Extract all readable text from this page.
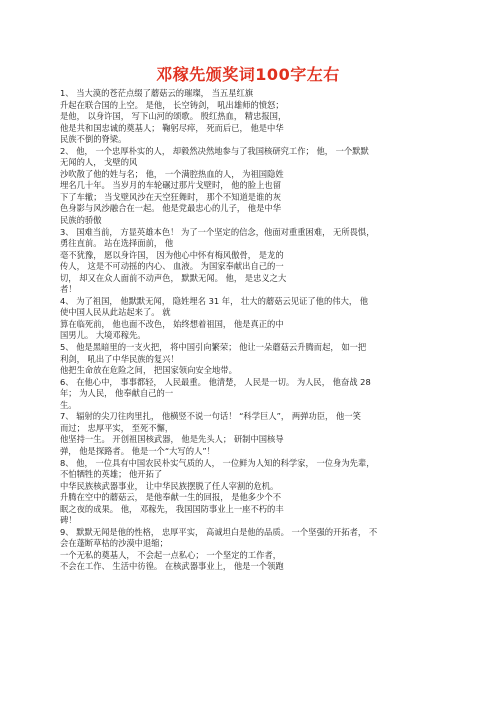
邓稼先颁奖词100字左右

1、 当大漠的苍茫点缀了蘑菇云的璀璨， 当五星红旗

升起在联合国的上空。 是他， 长空铸剑， 吼出雄师的愤怒；

是他， 以身许国， 写下山河的颂歌。 殷红热血， 精忠报国，

他是共和国忠诚的奠基人； 鞠躬尽瘁， 死而后已， 他是中华

民族不倒的脊梁。

2、 他， 一个忠厚朴实的人， 却毅然决然地参与了我国核研究工作； 他， 一个默默

无闻的人， 戈壁的风

沙吹散了他的姓与名； 他， 一个满腔热血的人， 为祖国隐姓

埋名几十年。 当岁月的车轮碾过那片戈壁时， 他的脸上也留

下了车辙； 当戈壁风沙在天空狂舞时， 那个不知道是谁的灰

色身影与风沙融合在一起。 他是党最忠心的儿子， 他是中华

民族的骄傲

3、 国难当前， 方显英雄本色！ 为了一个坚定的信念，他面对重重困难， 无所畏惧，

勇往直前。 站在选择面前， 他

毫不犹豫， 愿以身许国， 因为他心中怀有梅风傲骨， 是龙的

传人， 这是不可动摇的内心、 血液。 为国家奉献出自己的一

切， 却又在众人面前不动声色， 默默无闻。 他， 是忠义之大

者！

4、 为了祖国， 他默默无闻， 隐姓埋名 31 年， 壮大的蘑菇云见证了他的伟大， 他

使中国人民从此站起来了。 就

算在临死前， 他也面不改色， 始终想着祖国， 他是真正的中

国男儿。 大境邓稼先。

5、 他是黑暗里的一支火把， 将中国引向繁荣； 他让一朵蘑菇云升腾而起， 如一把

利剑， 吼出了中华民族的复兴！

他把生命放在危险之间， 把国家领向安全地带。

6、 在他心中， 事事都轻， 人民最重。 他清楚， 人民是一切。 为人民， 他奋战 28

年； 为人民， 他奉献自己的一

生。

7、 辐射的尖刀往肉里扎， 他横竖不说一句话！ “科学巨人”， 两弹功臣， 他一笑

而过； 忠厚平实， 至死不懈，

他坚持一生。 开创祖国核武器， 他是先头人； 研制中国核导

弹， 他是探路者。 他是一个“大写的人”！

8、 他， 一位具有中国农民朴实气质的人， 一位鲜为人知的科学家， 一位身为先辈，

不怕牺牲的英雄； 他开拓了

中华民族核武器事业， 让中华民族摆脱了任人宰割的危机。

升腾在空中的蘑菇云， 是他奉献一生的回报， 是他多少个不

眠之夜的成果。 他， 邓稼先， 我国国防事业上一座不朽的丰

碑！

9、 默默无闻是他的性格， 忠厚平实， 高诚坦白是他的品质。 一个坚强的开拓者， 不

会在蓬断草枯的沙漠中退缩；

一个无私的奠基人， 不会起一点私心； 一个坚定的工作者，

不会在工作、 生活中彷徨。 在核武器事业上， 他是一个领跑
